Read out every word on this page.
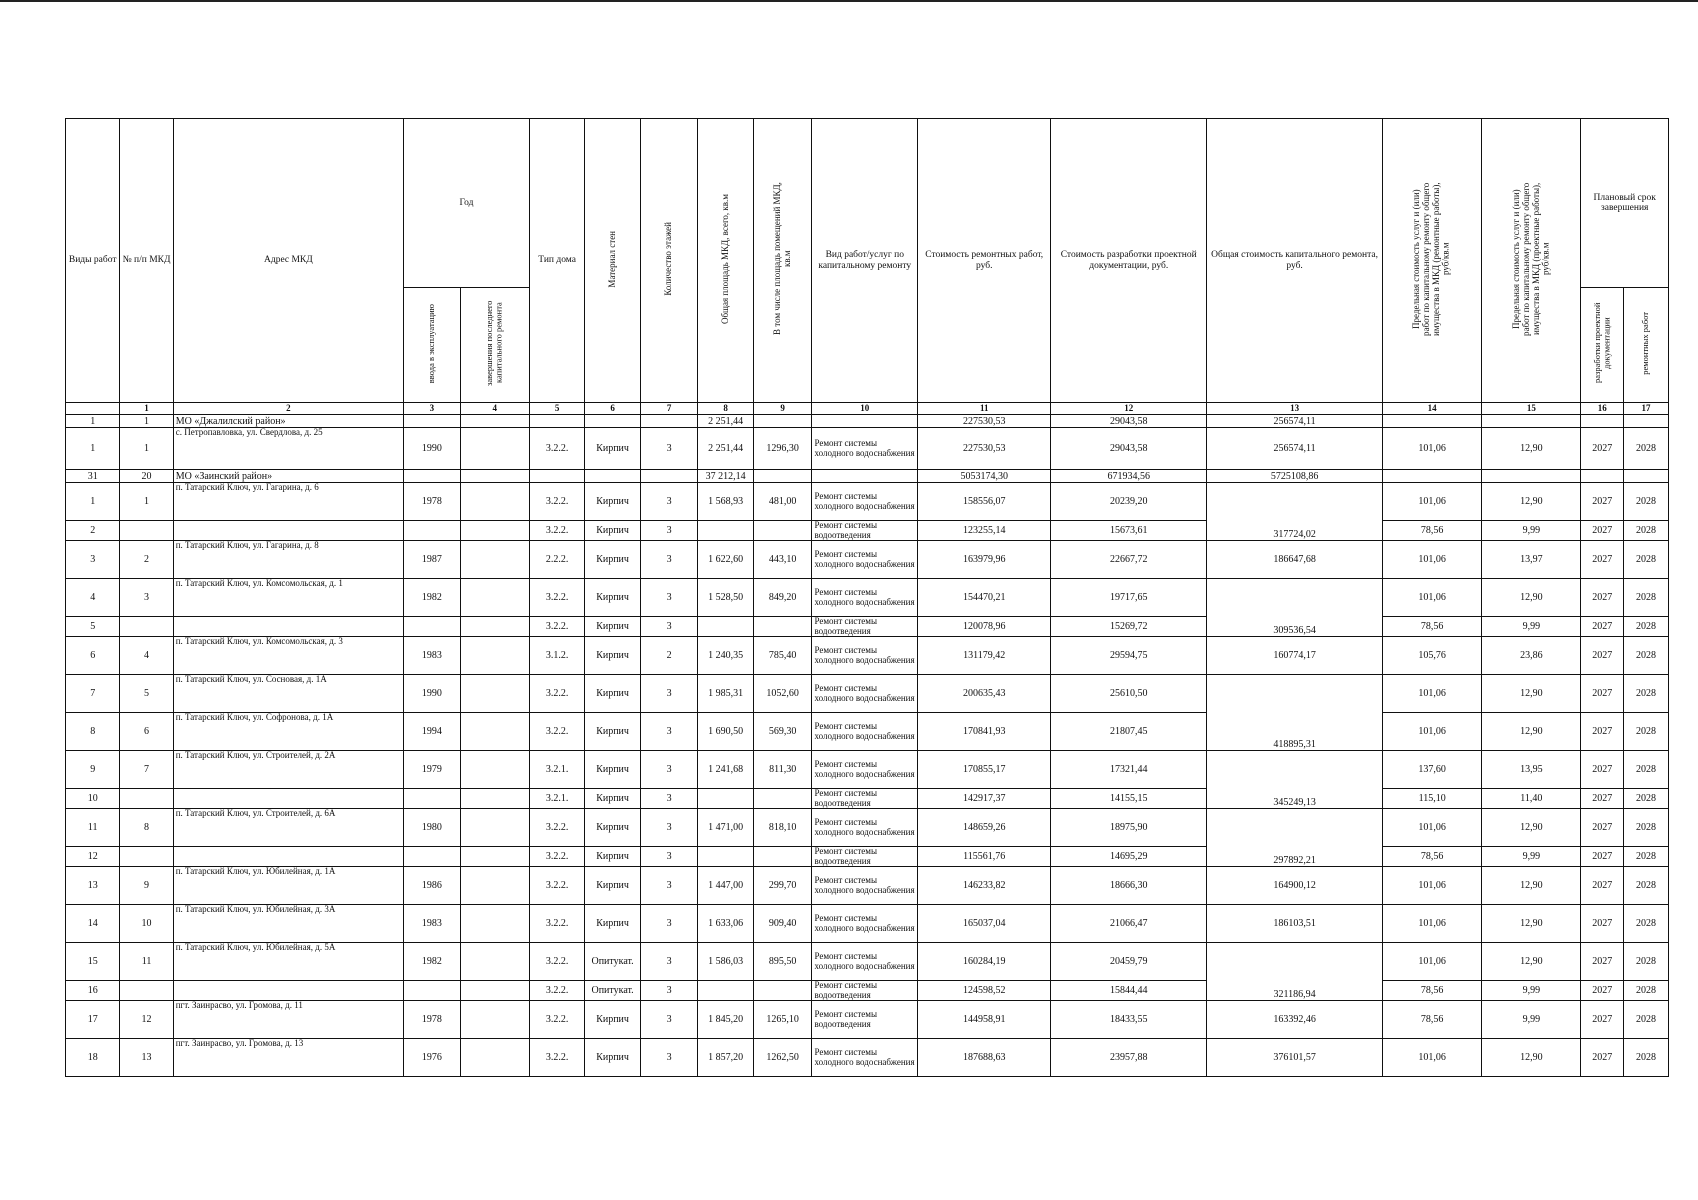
Виды работ	№ п/п МКД	Адрес МКД	Год		Тип дома	Материал стен	Количество этажей	Общая площадь МКД, всего, кв.м	В том числе площадь помещений МКД, кв.м	Вид работ/услуг по капитальному ремонту	Стоимость ремонтных работ, руб.	Стоимость разработки проектной документации, руб.	Общая стоимость капитального ремонта, руб.	Предельная стоимость услуг и (или) работ по капитальному ремонту общего имущества в МКД (ремонтные работы), руб/кв.м	Предельная стоимость услуг и (или) работ по капитальному ремонту общего имущества в МКД (проектные работы), руб/кв.м	Плановый срок завершения	
			ввода в эксплуатацию	завершения последнего капитального ремонта												разработки проектной документации	ремонтных работ
	1	2	3	4	5	6	7	8	9	10	11	12	13	14	15	16	17
1	1	МО «Джалилский район»						2 251,44			227530,53	29043,58	256574,11				
1	1	с. Петропавловка, ул. Свердлова, д. 25	1990		3.2.2.	Кирпич	3	2 251,44	1296,30	Ремонт системы холодного водоснабжения	227530,53	29043,58	256574,11	101,06	12,90	2027	2028
31	20	МО «Заинский район»						37 212,14			5053174,30	671934,56	5725108,86				
1	1	п. Татарский Ключ, ул. Гагарина, д. 6	1978		3.2.2.	Кирпич	3	1 568,93	481,00	Ремонт системы холодного водоснабжения	158556,07	20239,20	317724,02	101,06	12,90	2027	2028
2					3.2.2.	Кирпич	3			Ремонт системы водоотведения	123255,14	15673,61		78,56	9,99	2027	2028
3	2	п. Татарский Ключ, ул. Гагарина, д. 8	1987		2.2.2.	Кирпич	3	1 622,60	443,10	Ремонт системы холодного водоснабжения	163979,96	22667,72	186647,68	101,06	13,97	2027	2028
4	3	п. Татарский Ключ, ул. Комсомольская, д. 1	1982		3.2.2.	Кирпич	3	1 528,50	849,20	Ремонт системы холодного водоснабжения	154470,21	19717,65	309536,54	101,06	12,90	2027	2028
5					3.2.2.	Кирпич	3			Ремонт системы водоотведения	120078,96	15269,72		78,56	9,99	2027	2028
6	4	п. Татарский Ключ, ул. Комсомольская, д. 3	1983		3.1.2.	Кирпич	2	1 240,35	785,40	Ремонт системы холодного водоснабжения	131179,42	29594,75	160774,17	105,76	23,86	2027	2028
7	5	п. Татарский Ключ, ул. Сосновая, д. 1А	1990		3.2.2.	Кирпич	3	1 985,31	1052,60	Ремонт системы холодного водоснабжения	200635,43	25610,50	418895,31	101,06	12,90	2027	2028
8	6	п. Татарский Ключ, ул. Софронова, д. 1А	1994		3.2.2.	Кирпич	3	1 690,50	569,30	Ремонт системы холодного водоснабжения	170841,93	21807,45		101,06	12,90	2027	2028
9	7	п. Татарский Ключ, ул. Строителей, д. 2А	1979		3.2.1.	Кирпич	3	1 241,68	811,30	Ремонт системы холодного водоснабжения	170855,17	17321,44	345249,13	137,60	13,95	2027	2028
10					3.2.1.	Кирпич	3			Ремонт системы водоотведения	142917,37	14155,15		115,10	11,40	2027	2028
11	8	п. Татарский Ключ, ул. Строителей, д. 6А	1980		3.2.2.	Кирпич	3	1 471,00	818,10	Ремонт системы холодного водоснабжения	148659,26	18975,90	297892,21	101,06	12,90	2027	2028
12					3.2.2.	Кирпич	3			Ремонт системы водоотведения	115561,76	14695,29		78,56	9,99	2027	2028
13	9	п. Татарский Ключ, ул. Юбилейная, д. 1А	1986		3.2.2.	Кирпич	3	1 447,00	299,70	Ремонт системы холодного водоснабжения	146233,82	18666,30	164900,12	101,06	12,90	2027	2028
14	10	п. Татарский Ключ, ул. Юбилейная, д. 3А	1983		3.2.2.	Кирпич	3	1 633,06	909,40	Ремонт системы холодного водоснабжения	165037,04	21066,47	186103,51	101,06	12,90	2027	2028
15	11	п. Татарский Ключ, ул. Юбилейная, д. 5А	1982		3.2.2.	Опитукат.	3	1 586,03	895,50	Ремонт системы холодного водоснабжения	160284,19	20459,79	321186,94	101,06	12,90	2027	2028
16					3.2.2.	Опитукат.	3			Ремонт системы водоотведения	124598,52	15844,44		78,56	9,99	2027	2028
17	12	пгт. Заинрасво, ул. Громова, д. 11	1978		3.2.2.	Кирпич	3	1 845,20	1265,10	Ремонт системы водоотведения	144958,91	18433,55	163392,46	78,56	9,99	2027	2028
18	13	пгт. Заинрасво, ул. Громова, д. 13	1976		3.2.2.	Кирпич	3	1 857,20	1262,50	Ремонт системы холодного водоснабжения	187688,63	23957,88	376101,57	101,06	12,90	2027	2028
